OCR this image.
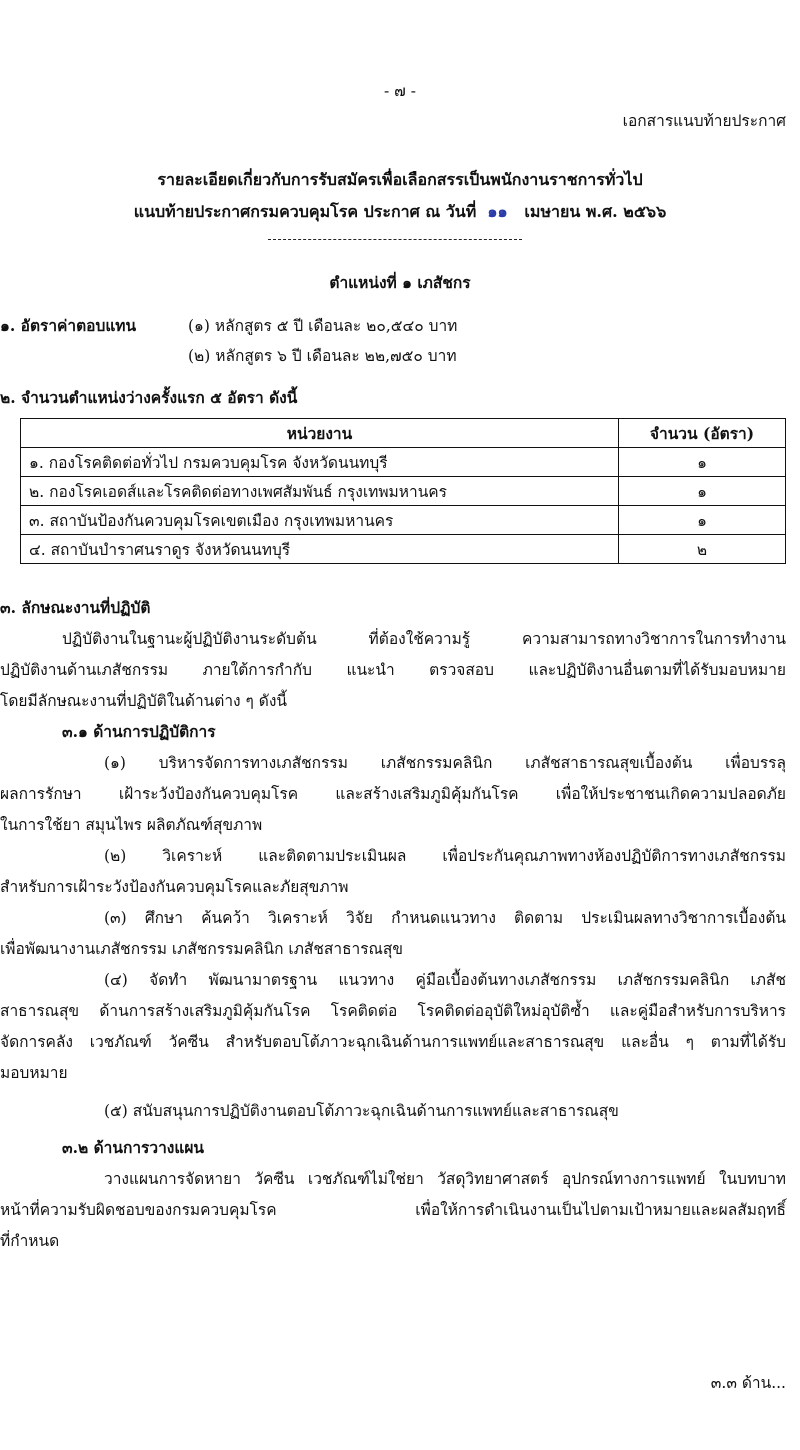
- ๗ -
เอกสารแนบท้ายประกาศ
รายละเอียดเกี่ยวกับการรับสมัครเพื่อเลือกสรรเป็นพนักงานราชการทั่วไป
แนบท้ายประกาศกรมควบคุมโรค ประกาศ ณ วันที่ ๑๑ เมษายน พ.ศ. ๒๕๖๖
ตำแหน่งที่ ๑ เภสัชกร
๑. อัตราค่าตอบแทน	(๑) หลักสูตร ๕ ปี เดือนละ ๒๐,๕๔๐ บาท
(๒) หลักสูตร ๖ ปี เดือนละ ๒๒,๗๕๐ บาท
๒. จำนวนตำแหน่งว่างครั้งแรก ๕ อัตรา ดังนี้
หน่วยงาน	จำนวน (อัตรา)
๑. กองโรคติดต่อทั่วไป กรมควบคุมโรค จังหวัดนนทบุรี	๑
๒. กองโรคเอดส์และโรคติดต่อทางเพศสัมพันธ์ กรุงเทพมหานคร	๑
๓. สถาบันป้องกันควบคุมโรคเขตเมือง กรุงเทพมหานคร	๑
๔. สถาบันบำราศนราดูร จังหวัดนนทบุรี	๒
๓. ลักษณะงานที่ปฏิบัติ
ปฏิบัติงานในฐานะผู้ปฏิบัติงานระดับต้น ที่ต้องใช้ความรู้ ความสามารถทางวิชาการในการทำงาน
ปฏิบัติงานด้านเภสัชกรรม ภายใต้การกำกับ แนะนำ ตรวจสอบ และปฏิบัติงานอื่นตามที่ได้รับมอบหมาย
โดยมีลักษณะงานที่ปฏิบัติในด้านต่าง ๆ ดังนี้
๓.๑ ด้านการปฏิบัติการ
(๑) บริหารจัดการทางเภสัชกรรม เภสัชกรรมคลินิก เภสัชสาธารณสุขเบื้องต้น เพื่อบรรลุ
ผลการรักษา เฝ้าระวังป้องกันควบคุมโรค และสร้างเสริมภูมิคุ้มกันโรค เพื่อให้ประชาชนเกิดความปลอดภัย
ในการใช้ยา สมุนไพร ผลิตภัณฑ์สุขภาพ
(๒) วิเคราะห์ และติดตามประเมินผล เพื่อประกันคุณภาพทางห้องปฏิบัติการทางเภสัชกรรม
สำหรับการเฝ้าระวังป้องกันควบคุมโรคและภัยสุขภาพ
(๓) ศึกษา ค้นคว้า วิเคราะห์ วิจัย กำหนดแนวทาง ติดตาม ประเมินผลทางวิชาการเบื้องต้น
เพื่อพัฒนางานเภสัชกรรม เภสัชกรรมคลินิก เภสัชสาธารณสุข
(๔) จัดทำ พัฒนามาตรฐาน แนวทาง คู่มือเบื้องต้นทางเภสัชกรรม เภสัชกรรมคลินิก เภสัช
สาธารณสุข ด้านการสร้างเสริมภูมิคุ้มกันโรค โรคติดต่อ โรคติดต่ออุบัติใหม่อุบัติซ้ำ และคู่มือสำหรับการบริหาร
จัดการคลัง เวชภัณฑ์ วัคซีน สำหรับตอบโต้ภาวะฉุกเฉินด้านการแพทย์และสาธารณสุข และอื่น ๆ ตามที่ได้รับ
มอบหมาย
(๕) สนับสนุนการปฏิบัติงานตอบโต้ภาวะฉุกเฉินด้านการแพทย์และสาธารณสุข
๓.๒ ด้านการวางแผน
วางแผนการจัดหายา วัคซีน เวชภัณฑ์ไม่ใช่ยา วัสดุวิทยาศาสตร์ อุปกรณ์ทางการแพทย์ ในบทบาท
หน้าที่ความรับผิดชอบของกรมควบคุมโรค เพื่อให้การดำเนินงานเป็นไปตามเป้าหมายและผลสัมฤทธิ์
ที่กำหนด
๓.๓ ด้าน...
